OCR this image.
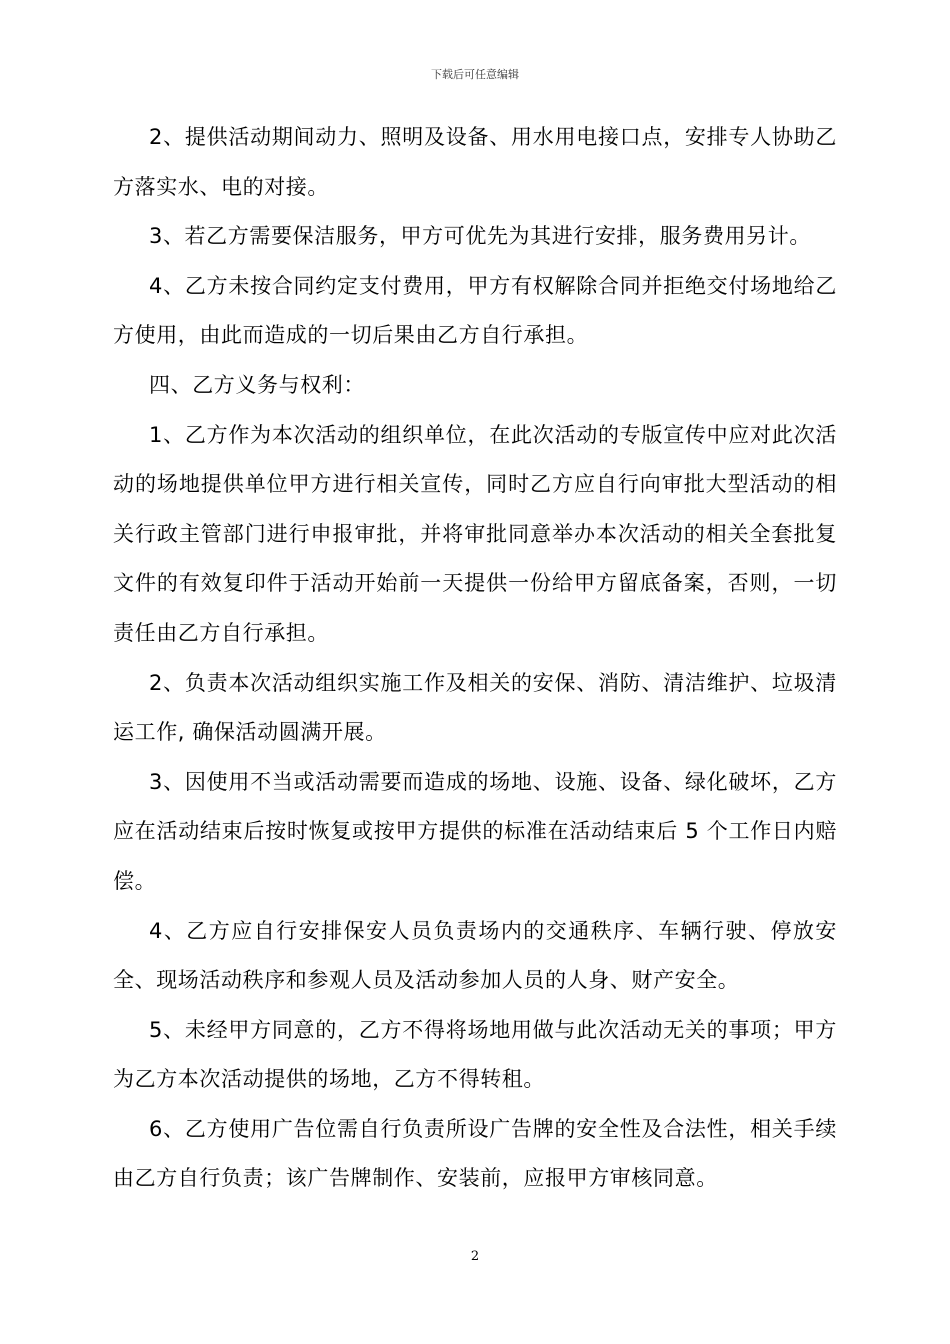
下载后可任意编辑

2、提供活动期间动力、照明及设备、用水用电接口点，安排专人协助乙方落实水、电的对接。

3、若乙方需要保洁服务，甲方可优先为其进行安排，服务费用另计。

4、乙方未按合同约定支付费用，甲方有权解除合同并拒绝交付场地给乙方使用，由此而造成的一切后果由乙方自行承担。

四、乙方义务与权利：

1、乙方作为本次活动的组织单位，在此次活动的专版宣传中应对此次活动的场地提供单位甲方进行相关宣传，同时乙方应自行向审批大型活动的相关行政主管部门进行申报审批，并将审批同意举办本次活动的相关全套批复文件的有效复印件于活动开始前一天提供一份给甲方留底备案，否则，一切责任由乙方自行承担。

2、负责本次活动组织实施工作及相关的安保、消防、清洁维护、垃圾清运工作, 确保活动圆满开展。

3、因使用不当或活动需要而造成的场地、设施、设备、绿化破坏，乙方应在活动结束后按时恢复或按甲方提供的标准在活动结束后 5 个工作日内赔偿。

4、乙方应自行安排保安人员负责场内的交通秩序、车辆行驶、停放安全、现场活动秩序和参观人员及活动参加人员的人身、财产安全。

5、未经甲方同意的，乙方不得将场地用做与此次活动无关的事项；甲方为乙方本次活动提供的场地，乙方不得转租。

6、乙方使用广告位需自行负责所设广告牌的安全性及合法性，相关手续由乙方自行负责；该广告牌制作、安装前，应报甲方审核同意。

2
